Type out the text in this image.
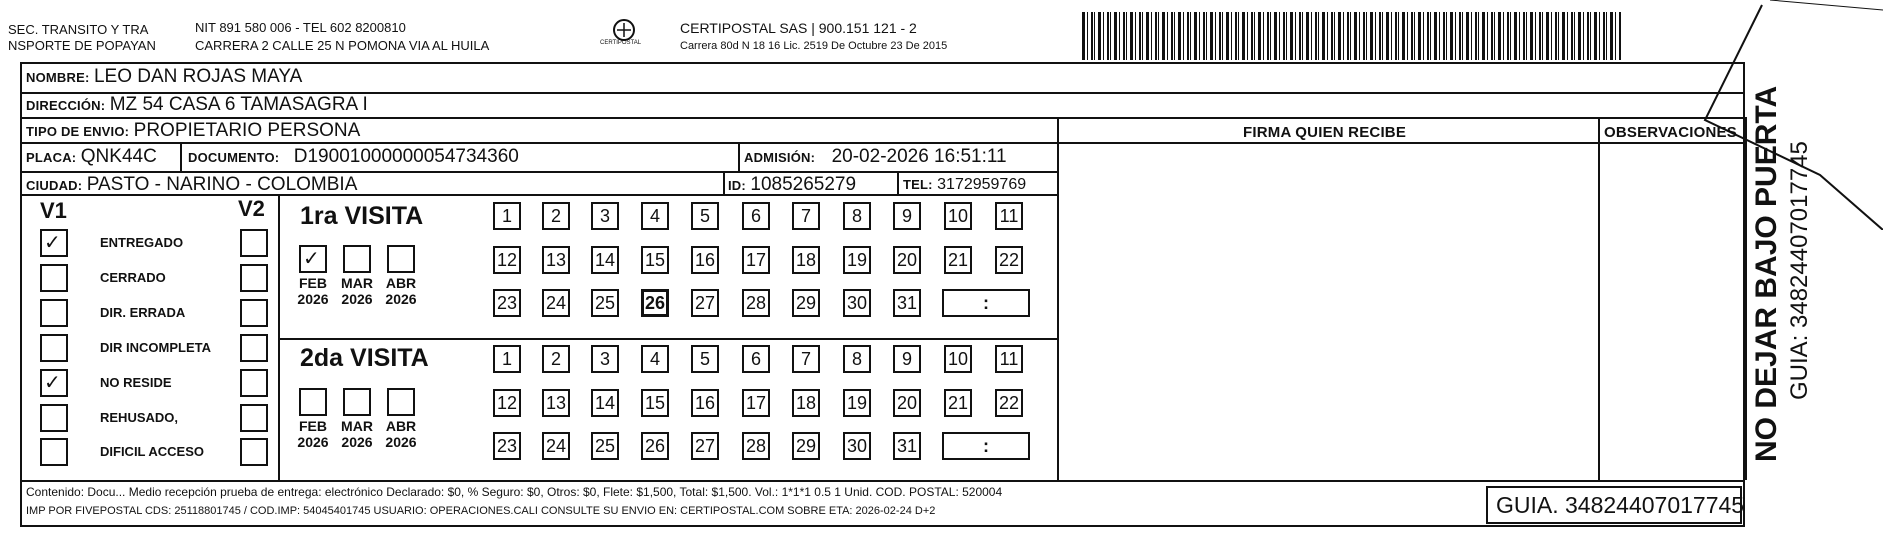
SEC. TRANSITO Y TRA
NSPORTE DE POPAYAN
NIT 891 580 006 - TEL 602 8200810
CARRERA 2 CALLE 25 N POMONA VIA AL HUILA	CERTIPOSTAL
CERTIPOSTAL SAS | 900.151 121 - 2
Carrera 80d N 18 16 Lic. 2519 De Octubre 23 De 2015
NOMBRE: LEO DAN ROJAS MAYA
DIRECCIÓN: MZ 54 CASA 6 TAMASAGRA I
TIPO DE ENVIO: PROPIETARIO PERSONA
PLACA: QNK44C DOCUMENTO: D19001000000054734360	ADMISIÓN: 20-02-2026 16:51:11
CIUDAD: PASTO - NARINO - COLOMBIA	ID: 1085265279	TEL: 3172959769
FIRMA QUIEN RECIBE	OBSERVACIONES
V1	V2
✓	ENTREGADO
CERRADO
DIR. ERRADA
DIR INCOMPLETA
✓	NO RESIDE
REHUSADO,
DIFICIL ACCESO
1ra VISITA
2da VISITA
✓
FEB
2026
MAR
2026
ABR
2026
1	2	3	4	5	6	7	8	9	10 11
12 13 14 15 16 17 18 19 20 21 22
23 24 25 26 27 28 29 30 31	:
FEB
2026
MAR
2026
ABR
2026
1	2	3	4	5	6	7	8	9	10 11
12 13 14 15 16 17 18 19 20 21 22
23 24 25 26 27 28 29 30 31	:
Contenido: Docu... Medio recepción prueba de entrega: electrónico Declarado: $0, % Seguro: $0, Otros: $0, Flete: $1,500, Total: $1,500. Vol.: 1*1*1 0.5 1 Unid. COD. POSTAL: 520004
IMP POR FIVEPOSTAL CDS: 25118801745 / COD.IMP: 54045401745 USUARIO: OPERACIONES.CALI CONSULTE SU ENVIO EN: CERTIPOSTAL.COM SOBRE ETA: 2026-02-24 D+2	GUIA. 34824407017745
NO DEJAR BAJO PUERTA GUIA: 34824407017745
